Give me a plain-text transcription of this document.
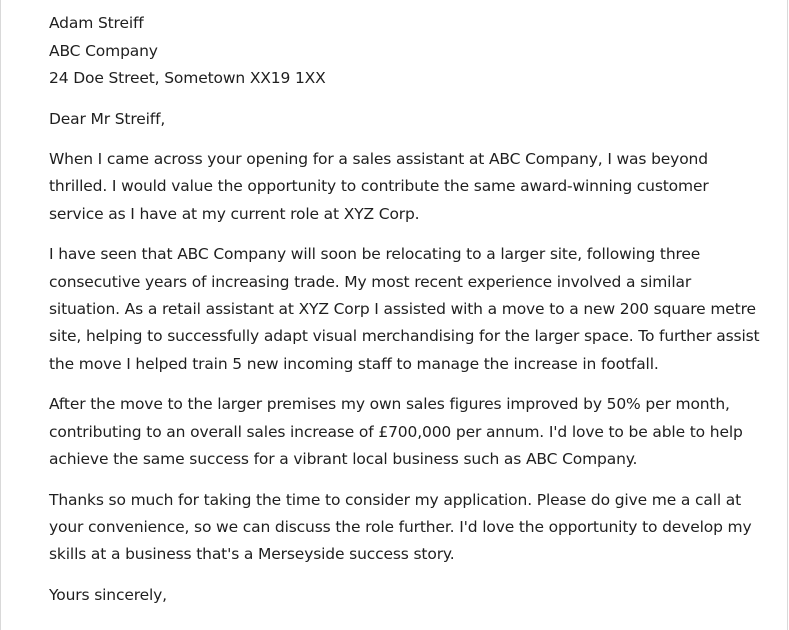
Adam Streiff
ABC Company
24 Doe Street, Sometown XX19 1XX
Dear Mr Streiff,
When I came across your opening for a sales assistant at ABC Company, I was beyond
thrilled. I would value the opportunity to contribute the same award-winning customer
service as I have at my current role at XYZ Corp.
I have seen that ABC Company will soon be relocating to a larger site, following three
consecutive years of increasing trade. My most recent experience involved a similar
situation. As a retail assistant at XYZ Corp I assisted with a move to a new 200 square metre
site, helping to successfully adapt visual merchandising for the larger space. To further assist
the move I helped train 5 new incoming staff to manage the increase in footfall.
After the move to the larger premises my own sales figures improved by 50% per month,
contributing to an overall sales increase of £700,000 per annum. I'd love to be able to help
achieve the same success for a vibrant local business such as ABC Company.
Thanks so much for taking the time to consider my application. Please do give me a call at
your convenience, so we can discuss the role further. I'd love the opportunity to develop my
skills at a business that's a Merseyside success story.
Yours sincerely,
